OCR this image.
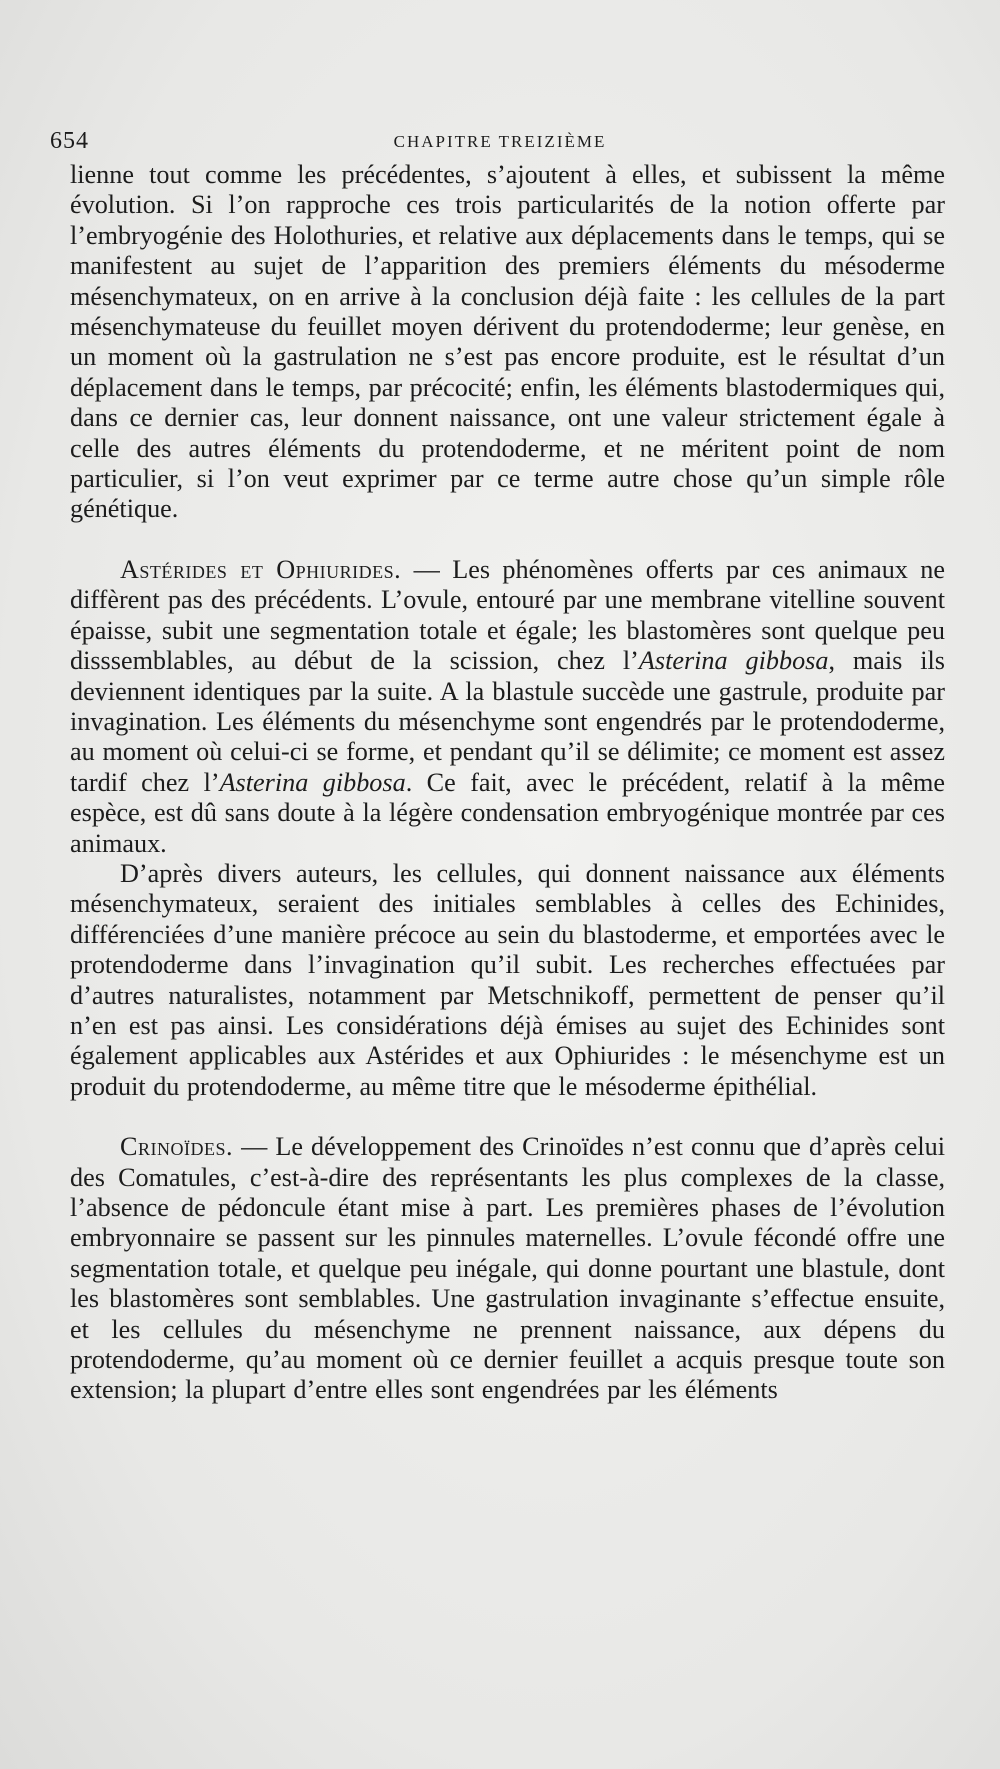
654	CHAPITRE TREIZIÈME

lienne tout comme les précédentes, s’ajoutent à elles, et subissent la même évolution. Si l’on rapproche ces trois particularités de la notion offerte par l’embryogénie des Holothuries, et relative aux déplacements dans le temps, qui se manifestent au sujet de l’apparition des premiers éléments du mésoderme mésenchymateux, on en arrive à la conclusion déjà faite : les cellules de la part mésenchymateuse du feuillet moyen dérivent du protendoderme; leur genèse, en un moment où la gastrulation ne s’est pas encore produite, est le résultat d’un déplacement dans le temps, par précocité; enfin, les éléments blastodermiques qui, dans ce dernier cas, leur donnent naissance, ont une valeur strictement égale à celle des autres éléments du protendoderme, et ne méritent point de nom particulier, si l’on veut exprimer par ce terme autre chose qu’un simple rôle génétique.

Astérides et Ophiurides. — Les phénomènes offerts par ces animaux ne diffèrent pas des précédents. L’ovule, entouré par une membrane vitelline souvent épaisse, subit une segmentation totale et égale; les blastomères sont quelque peu disssemblables, au début de la scission, chez l’Asterina gibbosa, mais ils deviennent identiques par la suite. A la blastule succède une gastrule, produite par invagination. Les éléments du mésenchyme sont engendrés par le protendoderme, au moment où celui-ci se forme, et pendant qu’il se délimite; ce moment est assez tardif chez l’Asterina gibbosa. Ce fait, avec le précédent, relatif à la même espèce, est dû sans doute à la légère condensation embryogénique montrée par ces animaux.

D’après divers auteurs, les cellules, qui donnent naissance aux éléments mésenchymateux, seraient des initiales semblables à celles des Echinides, différenciées d’une manière précoce au sein du blastoderme, et emportées avec le protendoderme dans l’invagination qu’il subit. Les recherches effectuées par d’autres naturalistes, notamment par Metschnikoff, permettent de penser qu’il n’en est pas ainsi. Les considérations déjà émises au sujet des Echinides sont également applicables aux Astérides et aux Ophiurides : le mésenchyme est un produit du protendoderme, au même titre que le mésoderme épithélial.

Crinoïdes. — Le développement des Crinoïdes n’est connu que d’après celui des Comatules, c’est-à-dire des représentants les plus complexes de la classe, l’absence de pédoncule étant mise à part. Les premières phases de l’évolution embryonnaire se passent sur les pinnules maternelles. L’ovule fécondé offre une segmentation totale, et quelque peu inégale, qui donne pourtant une blastule, dont les blastomères sont semblables. Une gastrulation invaginante s’effectue ensuite, et les cellules du mésenchyme ne prennent naissance, aux dépens du protendoderme, qu’au moment où ce dernier feuillet a acquis presque toute son extension; la plupart d’entre elles sont engendrées par les éléments
